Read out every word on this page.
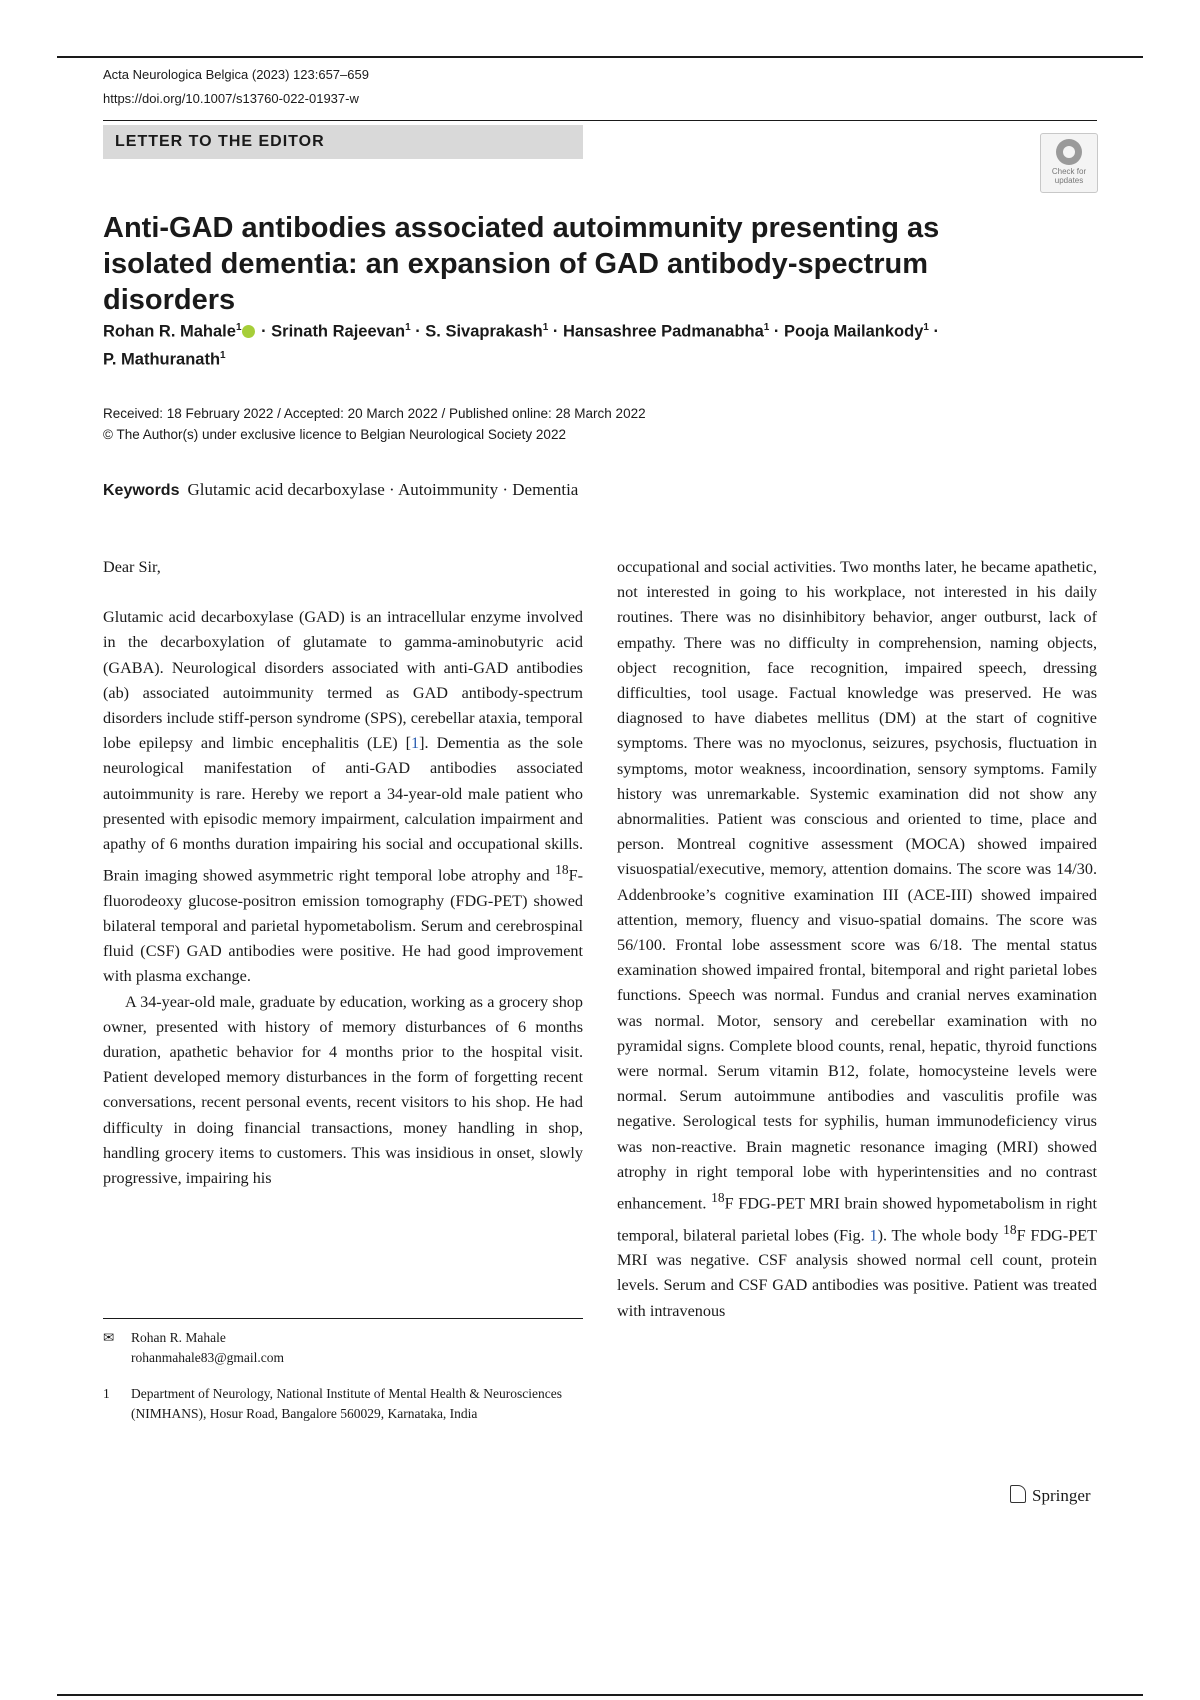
Acta Neurologica Belgica (2023) 123:657–659
https://doi.org/10.1007/s13760-022-01937-w
LETTER TO THE EDITOR
Check for
updates
Anti-GAD antibodies associated autoimmunity presenting as isolated dementia: an expansion of GAD antibody-spectrum disorders
Rohan R. Mahale$^1$ · Srinath Rajeevan$^1$ · S. Sivaprakash$^1$ · Hansashree Padmanabha$^1$ · Pooja Mailankody$^1$ ·
P. Mathuranath$^1$
Received: 18 February 2022 / Accepted: 20 March 2022 / Published online: 28 March 2022
© The Author(s) under exclusive licence to Belgian Neurological Society 2022
Keywords Glutamic acid decarboxylase · Autoimmunity · Dementia

Dear Sir,

Glutamic acid decarboxylase (GAD) is an intracellular enzyme involved in the decarboxylation of glutamate to gamma-aminobutyric acid (GABA). Neurological disorders associated with anti-GAD antibodies (ab) associated autoimmunity termed as GAD antibody-spectrum disorders include stiff-person syndrome (SPS), cerebellar ataxia, temporal lobe epilepsy and limbic encephalitis (LE) [1]. Dementia as the sole neurological manifestation of anti-GAD antibodies associated autoimmunity is rare. Hereby we report a 34-year-old male patient who presented with episodic memory impairment, calculation impairment and apathy of 6 months duration impairing his social and occupational skills. Brain imaging showed asymmetric right temporal lobe atrophy and $^{18}$F-fluorodeoxy glucose-positron emission tomography (FDG-PET) showed bilateral temporal and parietal hypometabolism. Serum and cerebrospinal fluid (CSF) GAD antibodies were positive. He had good improvement with plasma exchange.

A 34-year-old male, graduate by education, working as a grocery shop owner, presented with history of memory disturbances of 6 months duration, apathetic behavior for 4 months prior to the hospital visit. Patient developed memory disturbances in the form of forgetting recent conversations, recent personal events, recent visitors to his shop. He had difficulty in doing financial transactions, money handling in shop, handling grocery items to customers. This was insidious in onset, slowly progressive, impairing his

✉	Rohan R. Mahale
rohanmahale83@gmail.com
1	Department of Neurology, National Institute of Mental Health & Neurosciences (NIMHANS), Hosur Road, Bangalore 560029, Karnataka, India

occupational and social activities. Two months later, he became apathetic, not interested in going to his workplace, not interested in his daily routines. There was no disinhibitory behavior, anger outburst, lack of empathy. There was no difficulty in comprehension, naming objects, object recognition, face recognition, impaired speech, dressing difficulties, tool usage. Factual knowledge was preserved. He was diagnosed to have diabetes mellitus (DM) at the start of cognitive symptoms. There was no myoclonus, seizures, psychosis, fluctuation in symptoms, motor weakness, incoordination, sensory symptoms. Family history was unremarkable. Systemic examination did not show any abnormalities. Patient was conscious and oriented to time, place and person. Montreal cognitive assessment (MOCA) showed impaired visuospatial/executive, memory, attention domains. The score was 14/30. Addenbrooke’s cognitive examination III (ACE-III) showed impaired attention, memory, fluency and visuo-spatial domains. The score was 56/100. Frontal lobe assessment score was 6/18. The mental status examination showed impaired frontal, bitemporal and right parietal lobes functions. Speech was normal. Fundus and cranial nerves examination was normal. Motor, sensory and cerebellar examination with no pyramidal signs. Complete blood counts, renal, hepatic, thyroid functions were normal. Serum vitamin B12, folate, homocysteine levels were normal. Serum autoimmune antibodies and vasculitis profile was negative. Serological tests for syphilis, human immunodeficiency virus was non-reactive. Brain magnetic resonance imaging (MRI) showed atrophy in right temporal lobe with hyperintensities and no contrast enhancement. $^{18}$F FDG-PET MRI brain showed hypometabolism in right temporal, bilateral parietal lobes (Fig. 1). The whole body $^{18}$F FDG-PET MRI was negative. CSF analysis showed normal cell count, protein levels. Serum and CSF GAD antibodies was positive. Patient was treated with intravenous

Springer
